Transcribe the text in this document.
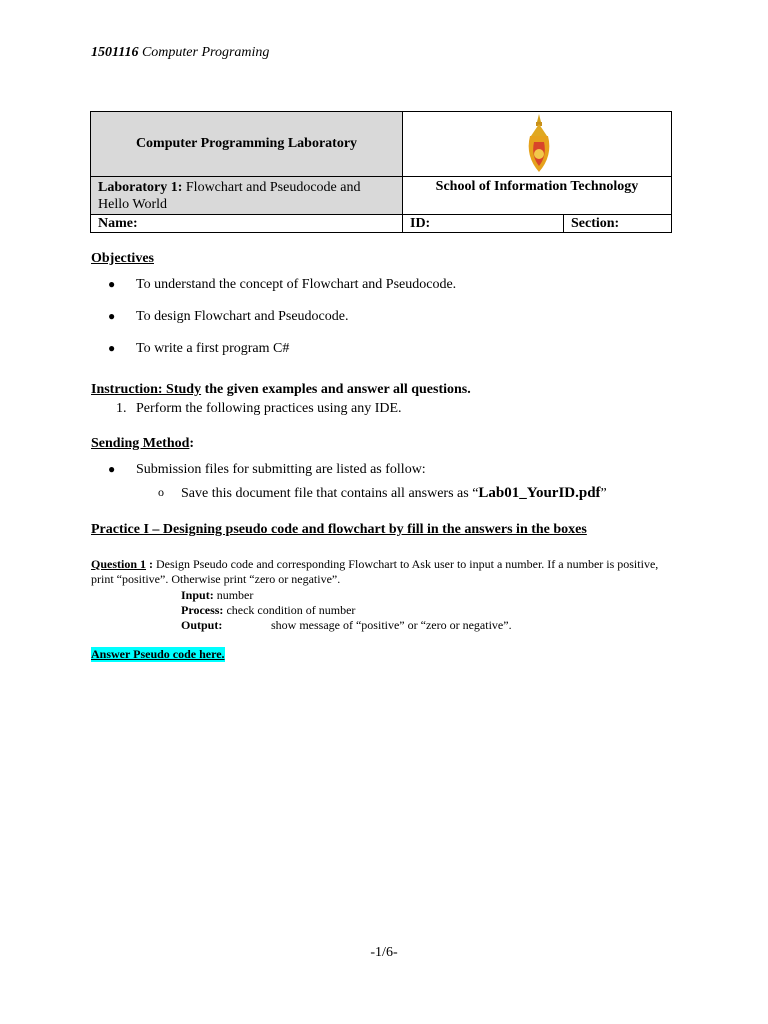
1501116 Computer Programing
Computer Programming Laboratory	

Laboratory 1: Flowchart and Pseudocode and Hello World	School of Information Technology	
Name:	ID:	Section:
Objectives
● To understand the concept of Flowchart and Pseudocode.
● To design Flowchart and Pseudocode.
● To write a first program C#
Instruction: Study the given examples and answer all questions.
1. Perform the following practices using any IDE.
Sending Method:
● Submission files for submitting are listed as follow:
o Save this document file that contains all answers as “Lab01_YourID.pdf”
Practice I – Designing pseudo code and flowchart by fill in the answers in the boxes
Question 1 : Design Pseudo code and corresponding Flowchart to Ask user to input a number. If a number is positive, print “positive”. Otherwise print “zero or negative”.
Input: number
Process: check condition of number
Output:	show message of “positive” or “zero or negative”.
Answer Pseudo code here.
-1/6-
